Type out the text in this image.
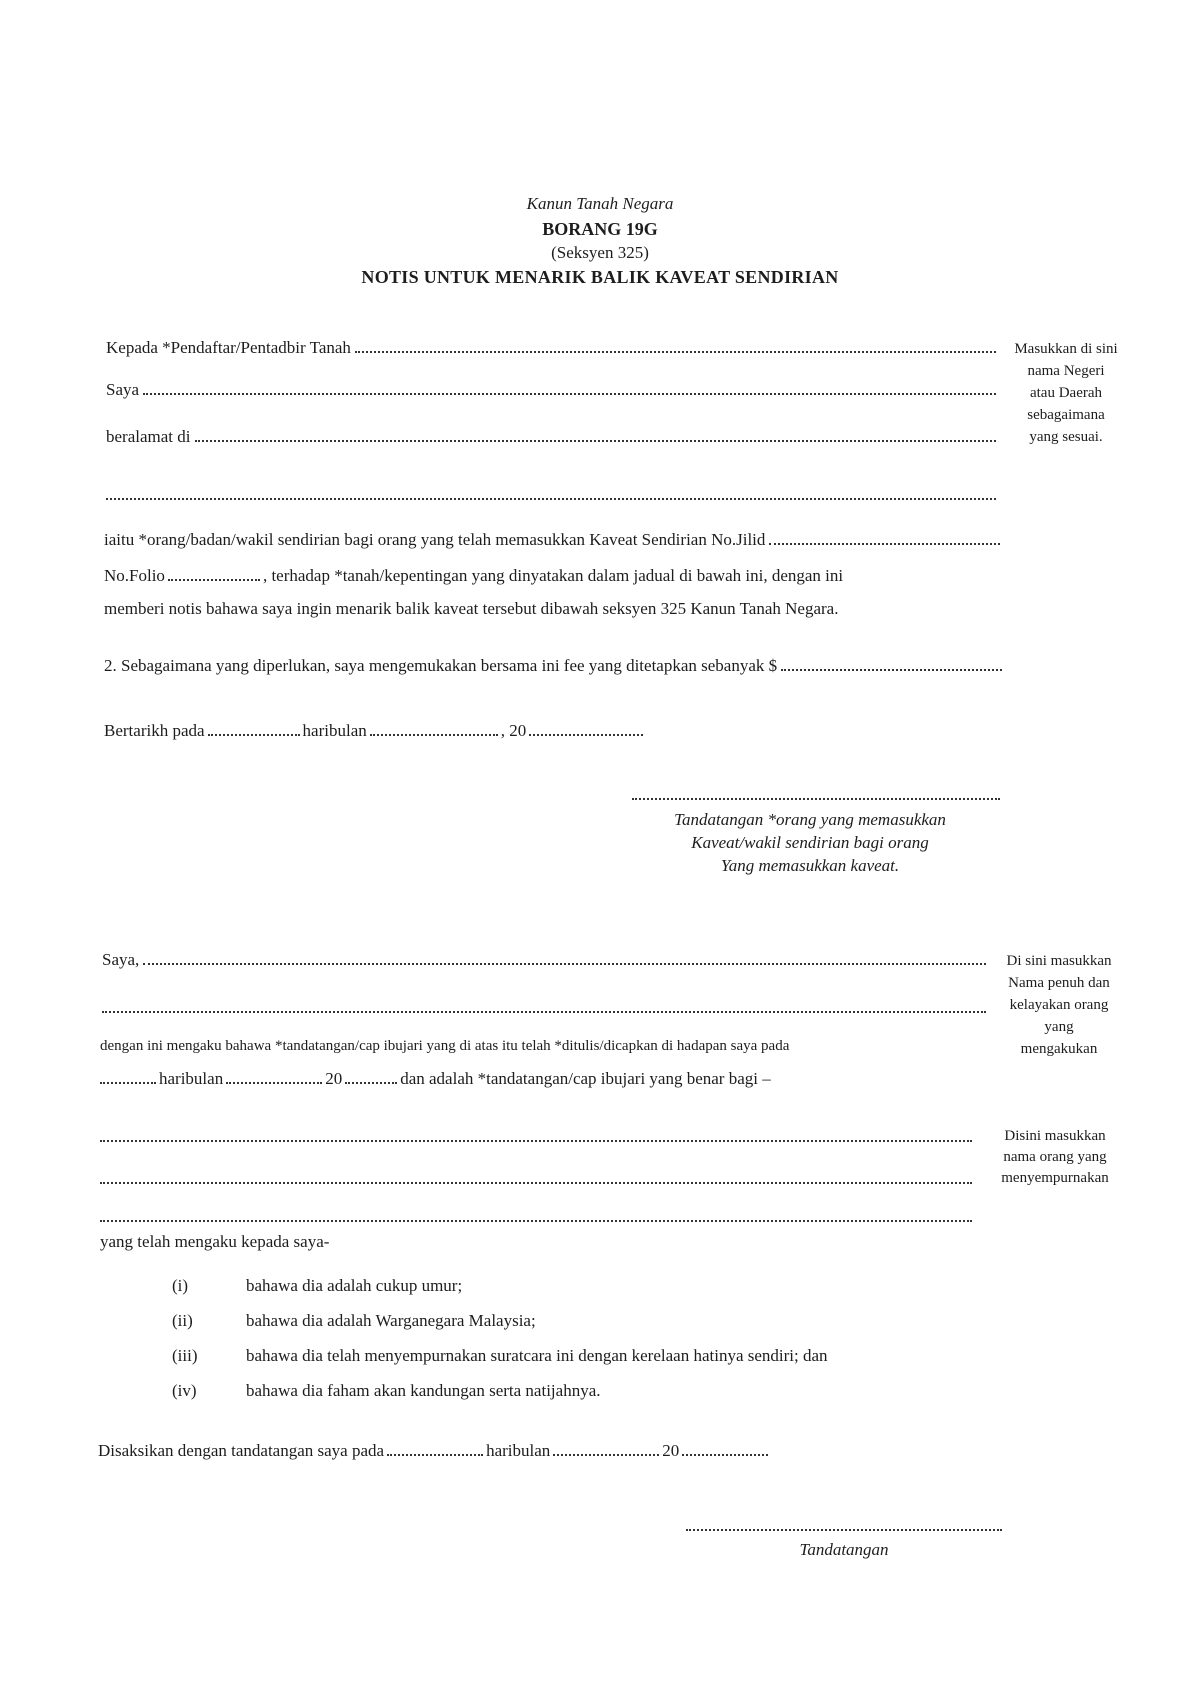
Kanun Tanah Negara
BORANG 19G
(Seksyen 325)
NOTIS UNTUK MENARIK BALIK KAVEAT SENDIRIAN
Kepada *Pendaftar/Pentadbir Tanah
Saya
beralamat di
Masukkan di sini
nama Negeri
atau Daerah
sebagaimana
yang sesuai.
iaitu *orang/badan/wakil sendirian bagi orang yang telah memasukkan Kaveat Sendirian No.Jilid
No.Folio	, terhadap *tanah/kepentingan yang dinyatakan dalam jadual di bawah ini, dengan ini
memberi notis bahawa saya ingin menarik balik kaveat tersebut dibawah seksyen 325 Kanun Tanah Negara.
2. Sebagaimana yang diperlukan, saya mengemukakan bersama ini fee yang ditetapkan sebanyak $
Bertarikh pada	haribulan	, 20
Tandatangan *orang yang memasukkan
Kaveat/wakil sendirian bagi orang
Yang memasukkan kaveat.
Saya,	Di sini masukkan
Nama penuh dan
kelayakan orang
yang
mengakukan
dengan ini mengaku bahawa *tandatangan/cap ibujari yang di atas itu telah *ditulis/dicapkan di hadapan saya pada
haribulan	20	dan adalah *tandatangan/cap ibujari yang benar bagi –
Disini masukkan
nama orang yang
menyempurnakan
yang telah mengaku kepada saya-
(i)	bahawa dia adalah cukup umur;
(ii)	bahawa dia adalah Warganegara Malaysia;
(iii)	bahawa dia telah menyempurnakan suratcara ini dengan kerelaan hatinya sendiri; dan
(iv)	bahawa dia faham akan kandungan serta natijahnya.
Disaksikan dengan tandatangan saya pada	haribulan	20
Tandatangan
